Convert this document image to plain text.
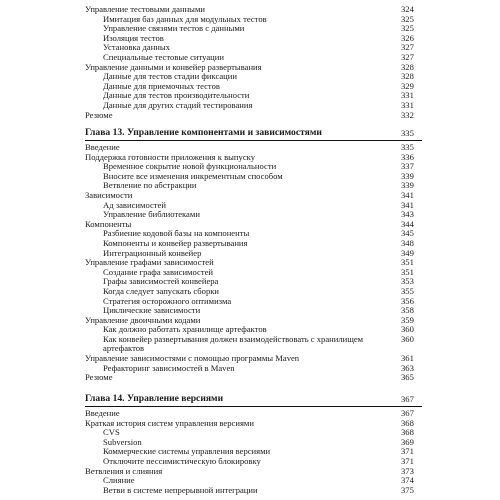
Управление тестовыми данными	324
Имитация баз данных для модульных тестов	325
Управление связями тестов с данными	325
Изоляция тестов	326
Установка данных	327
Специальные тестовые ситуации	327
Управление данными и конвейер развертывания	328
Данные для тестов стадии фиксации	328
Данные для приемочных тестов	329
Данные для тестов производительности	331
Данные для других стадий тестирования	331
Резюме	332
Глава 13. Управление компонентами и зависимостями	335
Введение	335
Поддержка готовности приложения к выпуску	336
Временное сокрытие новой функциональности	337
Вносите все изменения инкрементным способом	339
Ветвление по абстракции	339
Зависимости	341
Ад зависимостей	341
Управление библиотеками	343
Компоненты	344
Разбиение кодовой базы на компоненты	345
Компоненты и конвейер развертывания	348
Интеграционный конвейер	349
Управление графами зависимостей	351
Создание графа зависимостей	351
Графы зависимостей конвейера	353
Когда следует запускать сборки	355
Стратегия осторожного оптимизма	356
Циклические зависимости	358
Управление двоичными кодами	359
Как должно работать хранилище артефактов	360
Как конвейер развертывания должен взаимодействовать с хранилищем	360
артефактов
Управление зависимостями с помощью программы Maven	361
Рефакторинг зависимостей в Maven	363
Резюме	365
Глава 14. Управление версиями	367
Введение	367
Краткая история систем управления версиями	368
CVS	368
Subversion	369
Коммерческие системы управления версиями	371
Отключите пессимистическую блокировку	371
Ветвления и слияния	373
Слияние	374
Ветви в системе непрерывной интеграции	375
